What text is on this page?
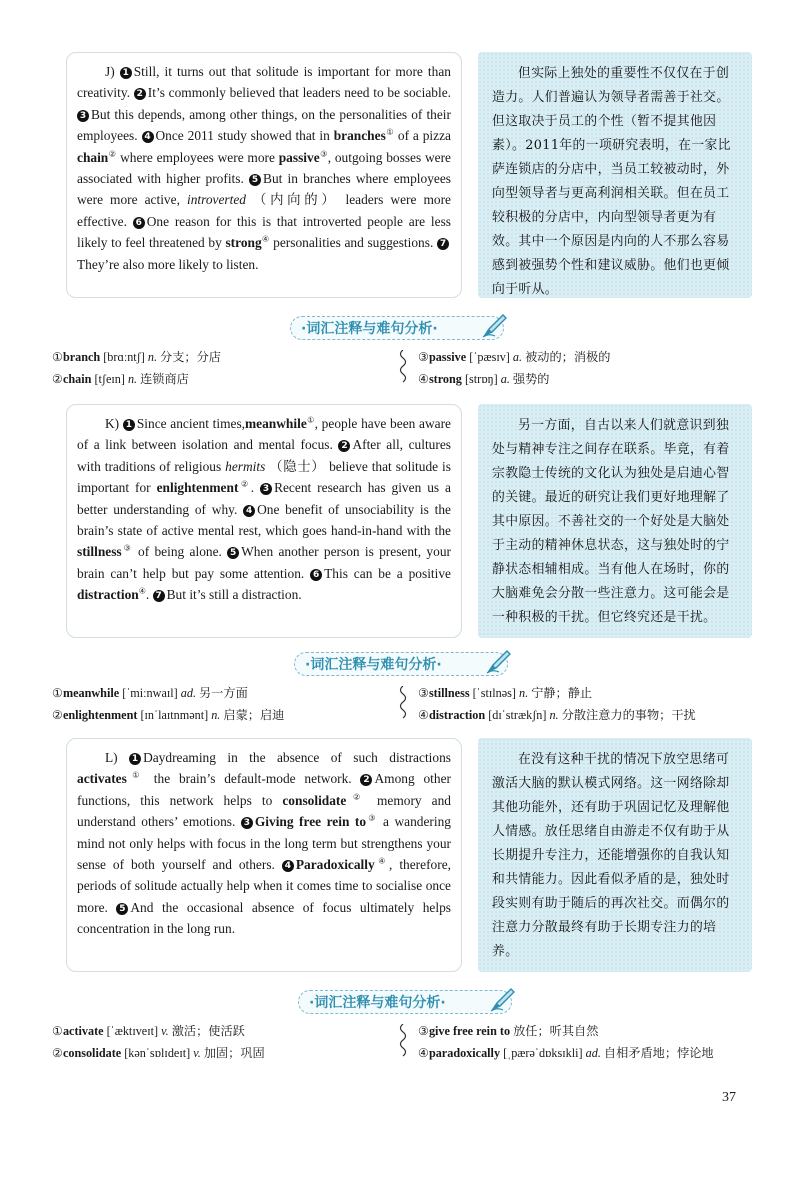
J) 1 Still, it turns out that solitude is important for more than creativity. 2 It’s commonly believed that leaders need to be sociable. 3 But this depends, among other things, on the personalities of their employees. 4 Once 2011 study showed that in branches① of a pizza chain② where employees were more passive③, outgoing bosses were associated with higher profits. 5 But in branches where employees were more active, introverted （内向的） leaders were more effective. 6 One reason for this is that introverted people are less likely to feel threatened by strong④ personalities and suggestions. 7They’re also more likely to listen.
但实际上独处的重要性不仅仅在于创造力。人们普遍认为领导者需善于社交。但这取决于员工的个性（暂不提其他因素）。2011年的一项研究表明，在一家比萨连锁店的分店中，当员工较被动时，外向型领导者与更高利润相关联。但在员工较积极的分店中，内向型领导者更为有效。其中一个原因是内向的人不那么容易感到被强势个性和建议威胁。他们也更倾向于听从。
·词汇注释与难句分析·
①branch [brɑːntʃ] n. 分支；分店
②chain [tʃeɪn] n. 连锁商店
③passive [ˈpæsɪv] a. 被动的；消极的
④strong [strɒŋ] a. 强势的
K) 1 Since ancient times,meanwhile①, people have been aware of a link between isolation and mental focus. 2 After all, cultures with traditions of religious hermits （隐士） believe that solitude is important for enlightenment②. 3 Recent research has given us a better understanding of why. 4 One benefit of unsociability is the brain’s state of active mental rest, which goes hand-in-hand with the stillness③ of being alone. 5 When another person is present, your brain can’t help but pay some attention. 6 This can be a positive distraction④. 7 But it’s still a distraction.
另一方面，自古以来人们就意识到独处与精神专注之间存在联系。毕竟，有着宗教隐士传统的文化认为独处是启迪心智的关键。最近的研究让我们更好地理解了其中原因。不善社交的一个好处是大脑处于主动的精神休息状态，这与独处时的宁静状态相辅相成。当有他人在场时，你的大脑难免会分散一些注意力。这可能会是一种积极的干扰。但它终究还是干扰。
·词汇注释与难句分析·
①meanwhile [ˈmiːnwaɪl] ad. 另一方面
②enlightenment [ɪnˈlaɪtnmənt] n. 启蒙；启迪
③stillness [ˈstɪlnəs] n. 宁静；静止
④distraction [dɪˈstrækʃn] n. 分散注意力的事物；干扰
L) 1 Daydreaming in the absence of such distractions activates① the brain’s default-mode network. 2 Among other functions, this network helps to consolidate② memory and understand others’ emotions. 3 Giving free rein to③ a wandering mind not only helps with focus in the long term but strengthens your sense of both yourself and others. 4 Paradoxically④, therefore, periods of solitude actually help when it comes time to socialise once more. 5 And the occasional absence of focus ultimately helps concentration in the long run.
在没有这种干扰的情况下放空思绪可激活大脑的默认模式网络。这一网络除却其他功能外，还有助于巩固记忆及理解他人情感。放任思绪自由游走不仅有助于从长期提升专注力，还能增强你的自我认知和共情能力。因此看似矛盾的是，独处时段实则有助于随后的再次社交。而偶尔的注意力分散最终有助于长期专注力的培养。
·词汇注释与难句分析·
①activate [ˈæktɪveɪt] v. 激活；使活跃
②consolidate [kənˈsɒlɪdeɪt] v. 加固；巩固
③give free rein to 放任；听其自然
④paradoxically [ˌpærəˈdɒksɪkli] ad. 自相矛盾地；悖论地
37
